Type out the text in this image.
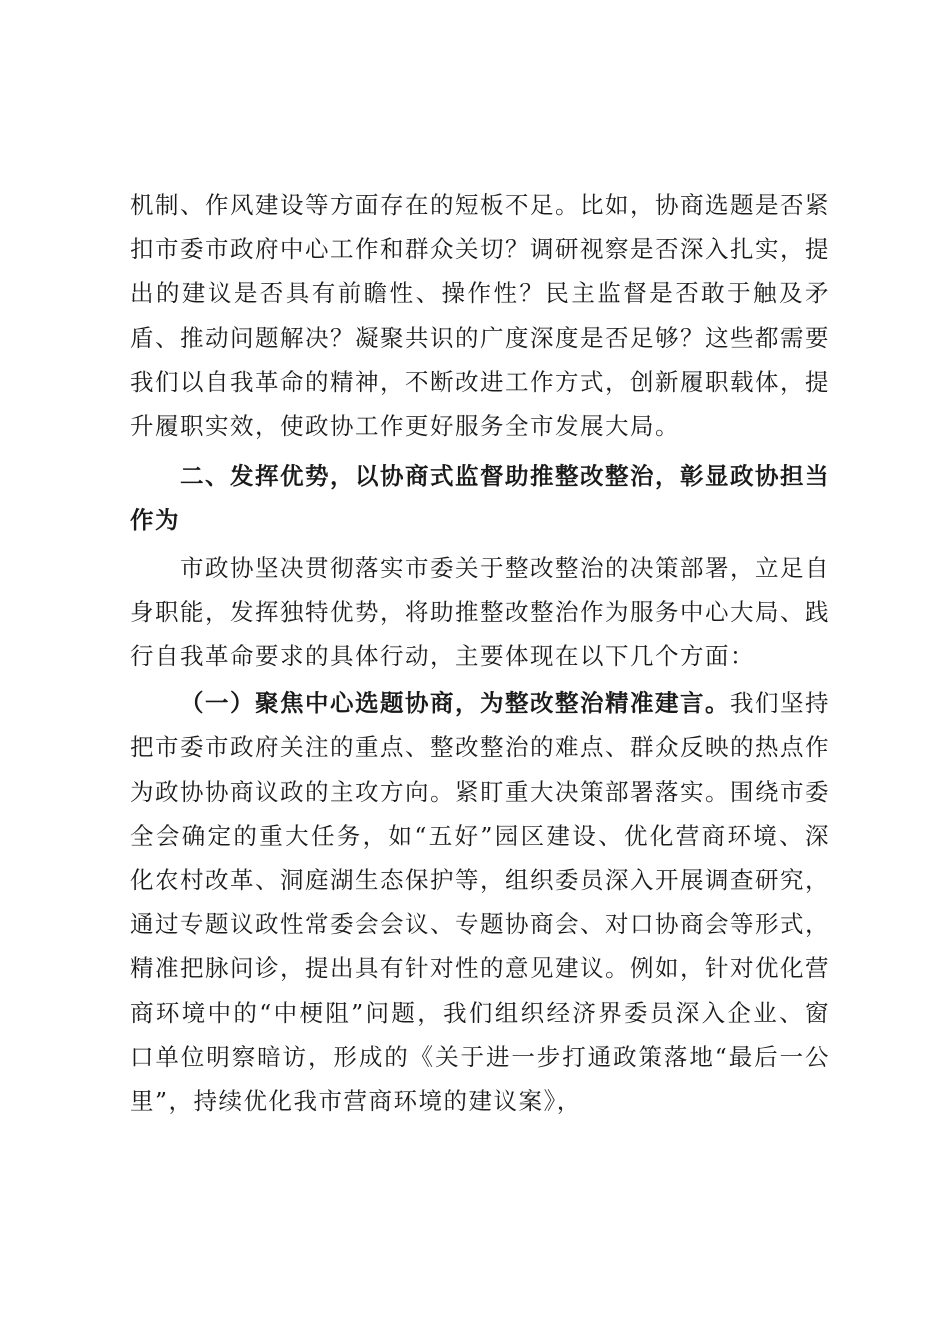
机制、作风建设等方面存在的短板不足。比如，协商选题是否紧扣市委市政府中心工作和群众关切？调研视察是否深入扎实，提出的建议是否具有前瞻性、操作性？民主监督是否敢于触及矛盾、推动问题解决？凝聚共识的广度深度是否足够？这些都需要我们以自我革命的精神，不断改进工作方式，创新履职载体，提升履职实效，使政协工作更好服务全市发展大局。

二、发挥优势，以协商式监督助推整改整治，彰显政协担当作为

市政协坚决贯彻落实市委关于整改整治的决策部署，立足自身职能，发挥独特优势，将助推整改整治作为服务中心大局、践行自我革命要求的具体行动，主要体现在以下几个方面：

（一）聚焦中心选题协商，为整改整治精准建言。我们坚持把市委市政府关注的重点、整改整治的难点、群众反映的热点作为政协协商议政的主攻方向。紧盯重大决策部署落实。围绕市委全会确定的重大任务，如“五好”园区建设、优化营商环境、深化农村改革、洞庭湖生态保护等，组织委员深入开展调查研究，通过专题议政性常委会会议、专题协商会、对口协商会等形式，精准把脉问诊，提出具有针对性的意见建议。例如，针对优化营商环境中的“中梗阻”问题，我们组织经济界委员深入企业、窗口单位明察暗访，形成的《关于进一步打通政策落地“最后一公里”，持续优化我市营商环境的建议案》，
